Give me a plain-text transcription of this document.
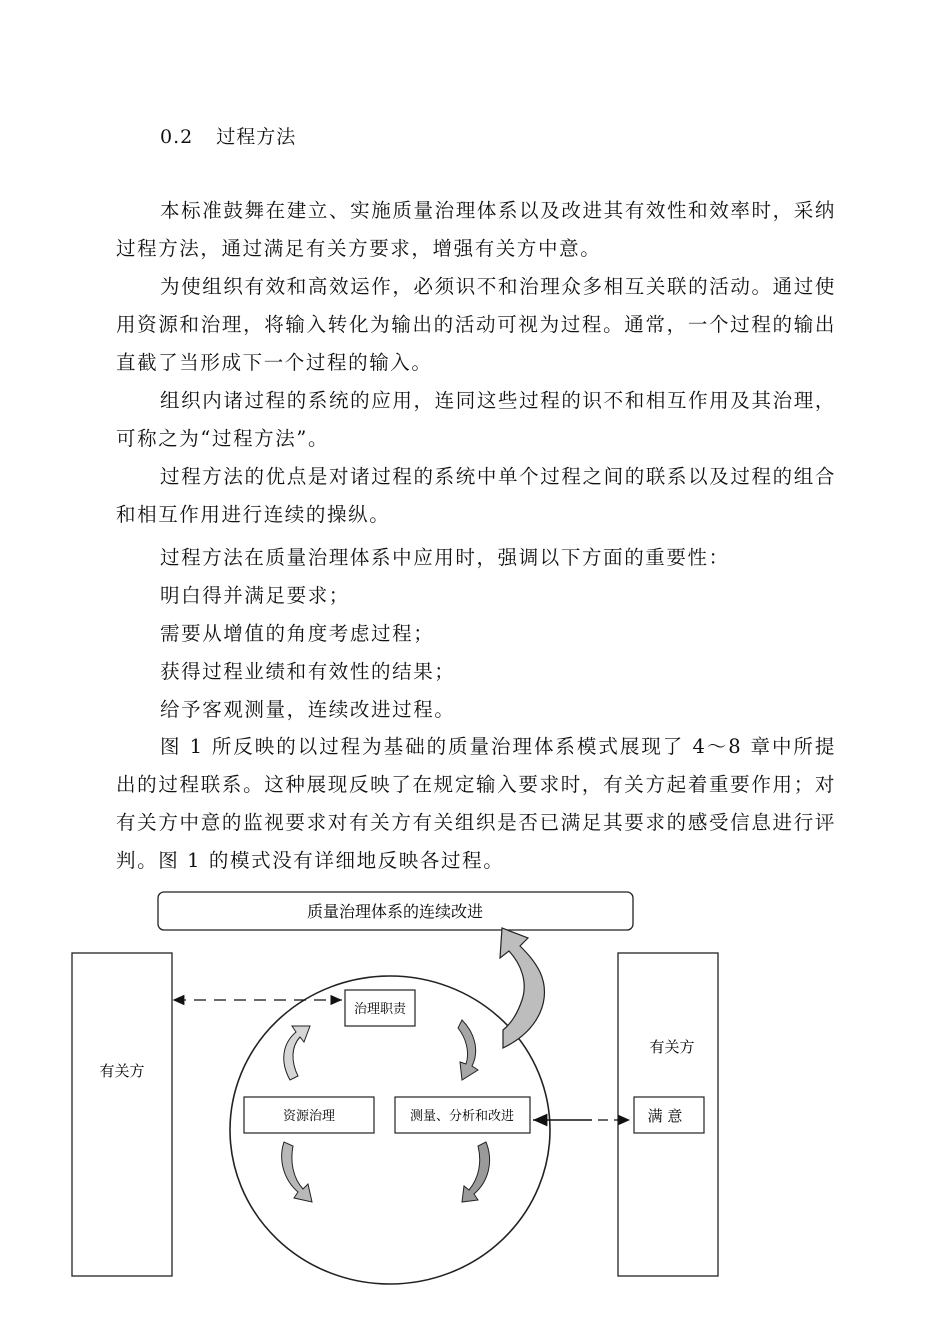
0.2 过程方法

本标准鼓舞在建立、实施质量治理体系以及改进其有效性和效率时，采纳过程方法，通过满足有关方要求，增强有关方中意。

为使组织有效和高效运作，必须识不和治理众多相互关联的活动。通过使用资源和治理，将输入转化为输出的活动可视为过程。通常，一个过程的输出直截了当形成下一个过程的输入。

组织内诸过程的系统的应用，连同这些过程的识不和相互作用及其治理，可称之为“过程方法”。

过程方法的优点是对诸过程的系统中单个过程之间的联系以及过程的组合和相互作用进行连续的操纵。

过程方法在质量治理体系中应用时，强调以下方面的重要性：

明白得并满足要求；

需要从增值的角度考虑过程；

获得过程业绩和有效性的结果；

给予客观测量，连续改进过程。

图 1 所反映的以过程为基础的质量治理体系模式展现了 4～8 章中所提出的过程联系。这种展现反映了在规定输入要求时，有关方起着重要作用；对有关方中意的监视要求对有关方有关组织是否已满足其要求的感受信息进行评判。图 1 的模式没有详细地反映各过程。

质量治理体系的连续改进
有关方
有关方
治理职责
资源治理	测量、分析和改进	满 意
